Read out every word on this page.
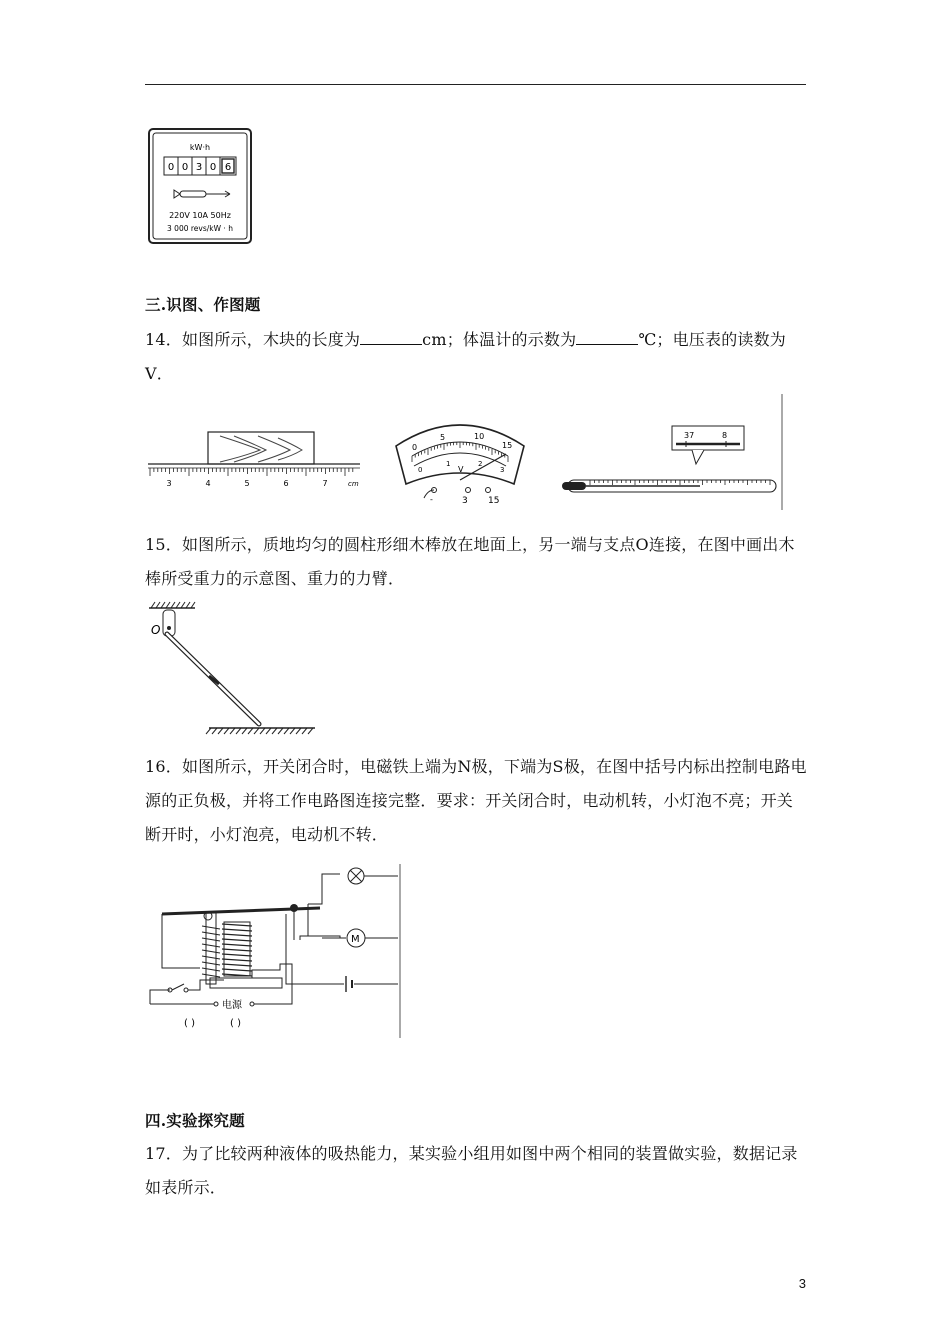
kW·h
0 0 3 0 6
220V 10A 50Hz
3 000 revs/kW · h
三.识图、作图题
14．如图所示，木块的长度为	cm；体温计的示数为	℃；电压表的读数为
V．
3	4	5	6	7	cm
0
5	10
15
0
1	2
3
V
-	3 15
37	8
15．如图所示，质地均匀的圆柱形细木棒放在地面上，另一端与支点O连接，在图中画出木棒所受重力的示意图、重力的力臂．
O
16．如图所示，开关闭合时，电磁铁上端为N极，下端为S极，在图中括号内标出控制电路电源的正负极，并将工作电路图连接完整．要求：开关闭合时，电动机转，小灯泡不亮；开关断开时，小灯泡亮，电动机不转．
电源
( )	( )
M
四.实验探究题
17．为了比较两种液体的吸热能力，某实验小组用如图中两个相同的装置做实验，数据记录如表所示．
3
